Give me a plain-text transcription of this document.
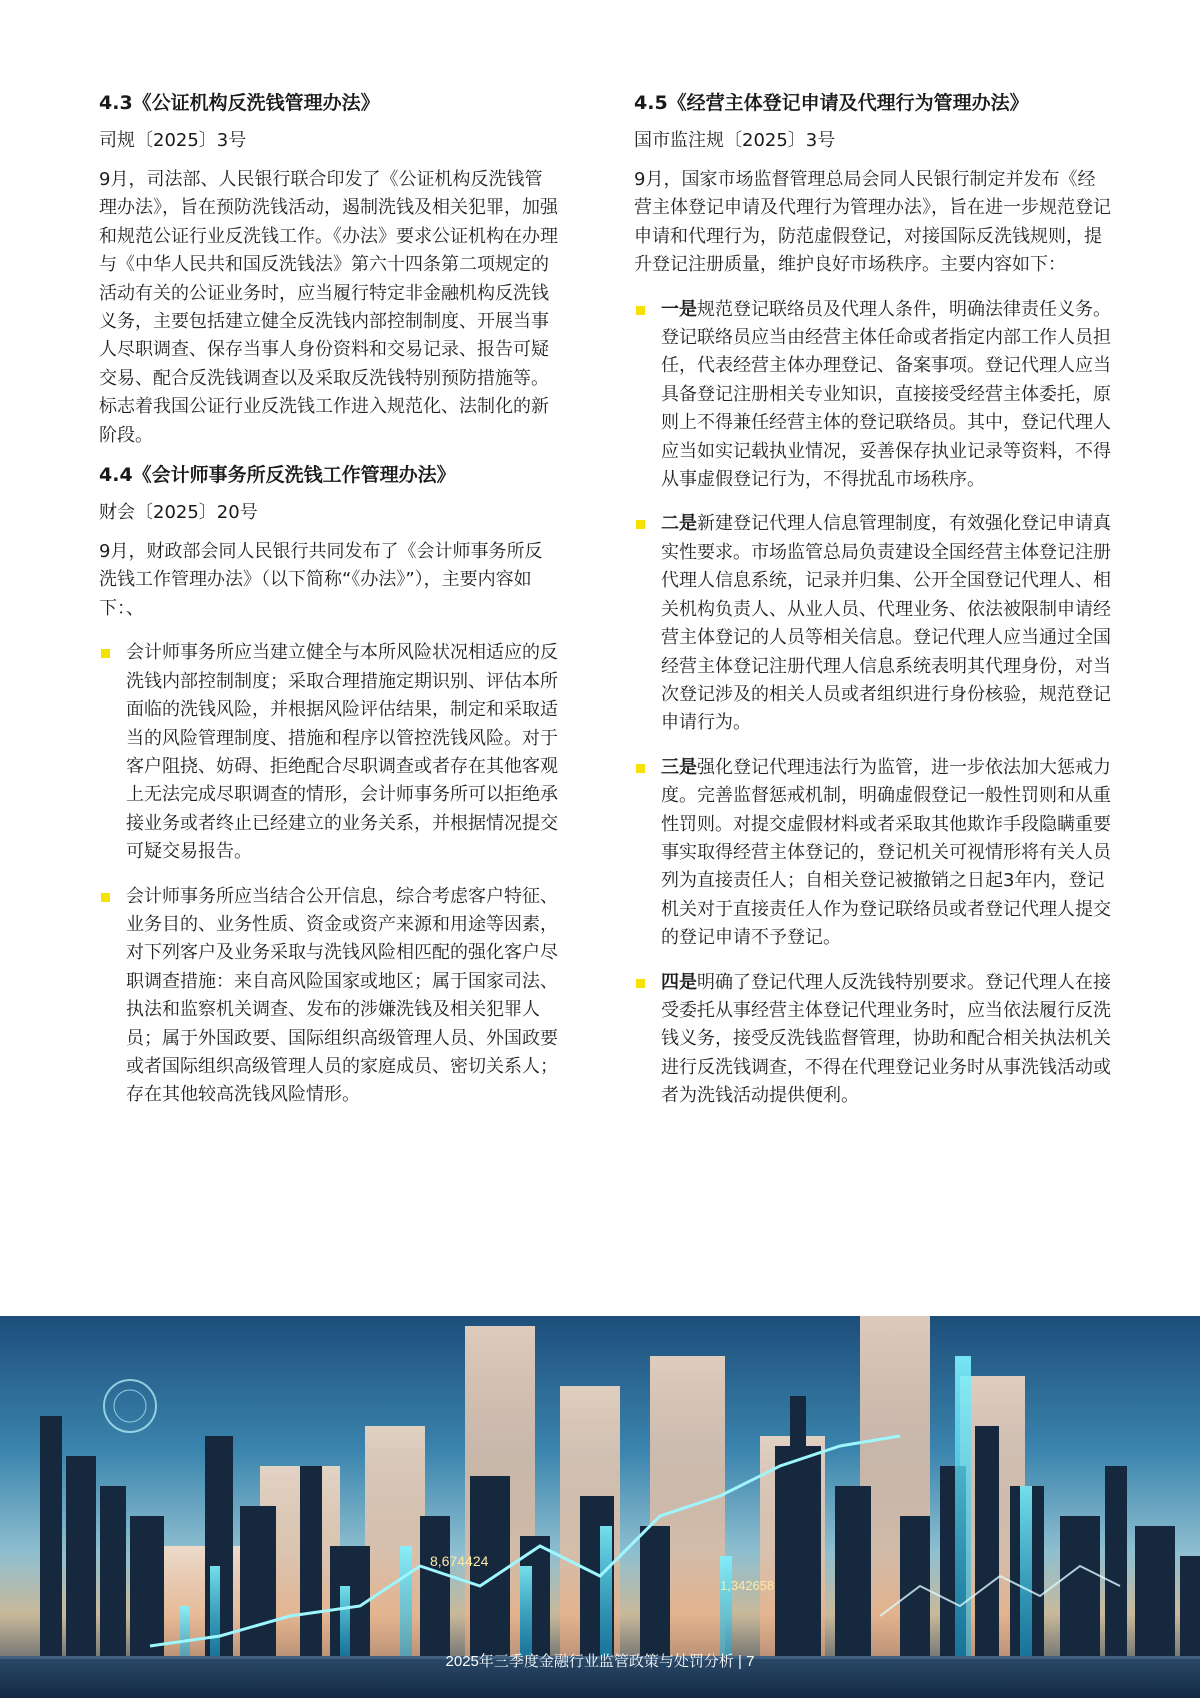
4.3《公证机构反洗钱管理办法》
司规〔2025〕3号

9月，司法部、人民银行联合印发了《公证机构反洗钱管理办法》，旨在预防洗钱活动，遏制洗钱及相关犯罪，加强和规范公证行业反洗钱工作。《办法》要求公证机构在办理与《中华人民共和国反洗钱法》第六十四条第二项规定的活动有关的公证业务时，应当履行特定非金融机构反洗钱义务，主要包括建立健全反洗钱内部控制制度、开展当事人尽职调查、保存当事人身份资料和交易记录、报告可疑交易、配合反洗钱调查以及采取反洗钱特别预防措施等。标志着我国公证行业反洗钱工作进入规范化、法制化的新阶段。

4.4《会计师事务所反洗钱工作管理办法》
财会〔2025〕20号

9月，财政部会同人民银行共同发布了《会计师事务所反洗钱工作管理办法》（以下简称“《办法》”），主要内容如下：、

会计师事务所应当建立健全与本所风险状况相适应的反洗钱内部控制制度；采取合理措施定期识别、评估本所面临的洗钱风险，并根据风险评估结果，制定和采取适当的风险管理制度、措施和程序以管控洗钱风险。对于客户阻挠、妨碍、拒绝配合尽职调查或者存在其他客观上无法完成尽职调查的情形，会计师事务所可以拒绝承接业务或者终止已经建立的业务关系，并根据情况提交可疑交易报告。
会计师事务所应当结合公开信息，综合考虑客户特征、业务目的、业务性质、资金或资产来源和用途等因素，对下列客户及业务采取与洗钱风险相匹配的强化客户尽职调查措施：来自高风险国家或地区；属于国家司法、执法和监察机关调查、发布的涉嫌洗钱及相关犯罪人员；属于外国政要、国际组织高级管理人员、外国政要或者国际组织高级管理人员的家庭成员、密切关系人；存在其他较高洗钱风险情形。
4.5《经营主体登记申请及代理行为管理办法》
国市监注规〔2025〕3号

9月，国家市场监督管理总局会同人民银行制定并发布《经营主体登记申请及代理行为管理办法》，旨在进一步规范登记申请和代理行为，防范虚假登记，对接国际反洗钱规则，提升登记注册质量，维护良好市场秩序。主要内容如下：

一是规范登记联络员及代理人条件，明确法律责任义务。登记联络员应当由经营主体任命或者指定内部工作人员担任，代表经营主体办理登记、备案事项。登记代理人应当具备登记注册相关专业知识，直接接受经营主体委托，原则上不得兼任经营主体的登记联络员。其中，登记代理人应当如实记载执业情况，妥善保存执业记录等资料，不得从事虚假登记行为，不得扰乱市场秩序。
二是新建登记代理人信息管理制度，有效强化登记申请真实性要求。市场监管总局负责建设全国经营主体登记注册代理人信息系统，记录并归集、公开全国登记代理人、相关机构负责人、从业人员、代理业务、依法被限制申请经营主体登记的人员等相关信息。登记代理人应当通过全国经营主体登记注册代理人信息系统表明其代理身份，对当次登记涉及的相关人员或者组织进行身份核验，规范登记申请行为。
三是强化登记代理违法行为监管，进一步依法加大惩戒力度。完善监督惩戒机制，明确虚假登记一般性罚则和从重性罚则。对提交虚假材料或者采取其他欺诈手段隐瞒重要事实取得经营主体登记的，登记机关可视情形将有关人员列为直接责任人；自相关登记被撤销之日起3年内，登记机关对于直接责任人作为登记联络员或者登记代理人提交的登记申请不予登记。
四是明确了登记代理人反洗钱特别要求。登记代理人在接受委托从事经营主体登记代理业务时，应当依法履行反洗钱义务，接受反洗钱监督管理，协助和配合相关执法机关进行反洗钱调查，不得在代理登记业务时从事洗钱活动或者为洗钱活动提供便利。
8,674424
1,342658
2025年三季度金融行业监管政策与处罚分析 | 7
